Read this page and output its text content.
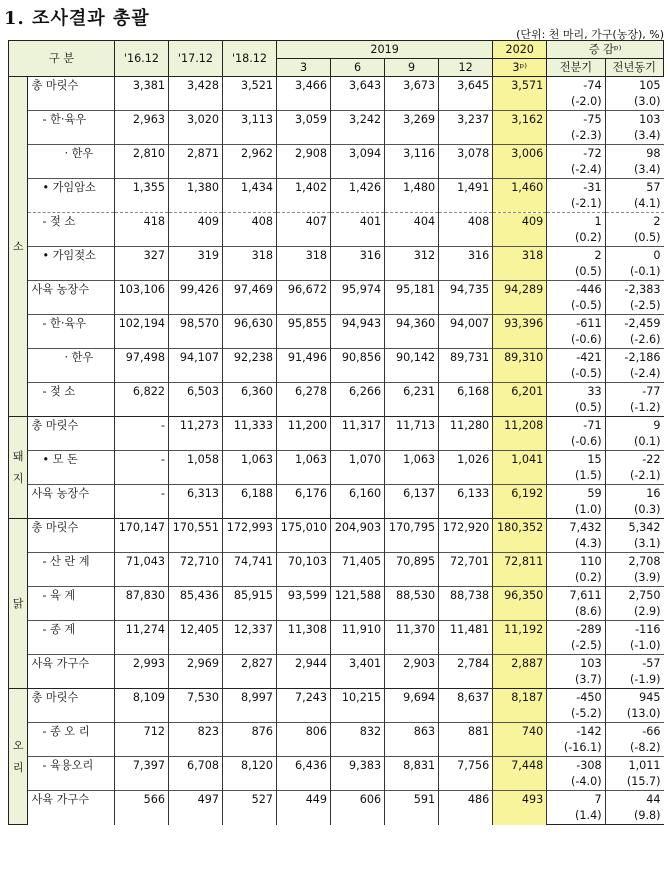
1. 조사결과 총괄
(단위: 천 마리, 가구(농장), %)
구 분		'16.12	'17.12	'18.12	2019				2020	증 감ᵖ⁾	
					3	6	9	12	3ᵖ⁾	전분기	전년동기
소	총 마릿수	3,381	3,428	3,521	3,466	3,643	3,673	3,645	3,571	-74	105
										(-2.0)	(3.0)
	- 한·육우	2,963	3,020	3,113	3,059	3,242	3,269	3,237	3,162	-75	103
										(-2.3)	(3.4)
	· 한우	2,810	2,871	2,962	2,908	3,094	3,116	3,078	3,006	-72	98
										(-2.4)	(3.4)
	• 가임암소	1,355	1,380	1,434	1,402	1,426	1,480	1,491	1,460	-31	57
										(-2.1)	(4.1)
	- 젖 소	418	409	408	407	401	404	408	409	1	2
										(0.2)	(0.5)
	• 가임젖소	327	319	318	318	316	312	316	318	2	0
										(0.5)	(-0.1)
	사육 농장수	103,106	99,426	97,469	96,672	95,974	95,181	94,735	94,289	-446	-2,383
										(-0.5)	(-2.5)
	- 한·육우	102,194	98,570	96,630	95,855	94,943	94,360	94,007	93,396	-611	-2,459
										(-0.6)	(-2.6)
	· 한우	97,498	94,107	92,238	91,496	90,856	90,142	89,731	89,310	-421	-2,186
										(-0.5)	(-2.4)
	- 젖 소	6,822	6,503	6,360	6,278	6,266	6,231	6,168	6,201	33	-77
										(0.5)	(-1.2)
돼지	총 마릿수	-	11,273	11,333	11,200	11,317	11,713	11,280	11,208	-71	9
										(-0.6)	(0.1)
	• 모 돈	-	1,058	1,063	1,063	1,070	1,063	1,026	1,041	15	-22
										(1.5)	(-2.1)
	사육 농장수	-	6,313	6,188	6,176	6,160	6,137	6,133	6,192	59	16
										(1.0)	(0.3)
닭	총 마릿수	170,147	170,551	172,993	175,010	204,903	170,795	172,920	180,352	7,432	5,342
										(4.3)	(3.1)
	- 산 란 계	71,043	72,710	74,741	70,103	71,405	70,895	72,701	72,811	110	2,708
										(0.2)	(3.9)
	- 육 계	87,830	85,436	85,915	93,599	121,588	88,530	88,738	96,350	7,611	2,750
										(8.6)	(2.9)
	- 종 계	11,274	12,405	12,337	11,308	11,910	11,370	11,481	11,192	-289	-116
										(-2.5)	(-1.0)
	사육 가구수	2,993	2,969	2,827	2,944	3,401	2,903	2,784	2,887	103	-57
										(3.7)	(-1.9)
오리	총 마릿수	8,109	7,530	8,997	7,243	10,215	9,694	8,637	8,187	-450	945
										(-5.2)	(13.0)
	- 종 오 리	712	823	876	806	832	863	881	740	-142	-66
										(-16.1)	(-8.2)
	- 육용오리	7,397	6,708	8,120	6,436	9,383	8,831	7,756	7,448	-308	1,011
										(-4.0)	(15.7)
	사육 가구수	566	497	527	449	606	591	486	493	7	44
										(1.4)	(9.8)
